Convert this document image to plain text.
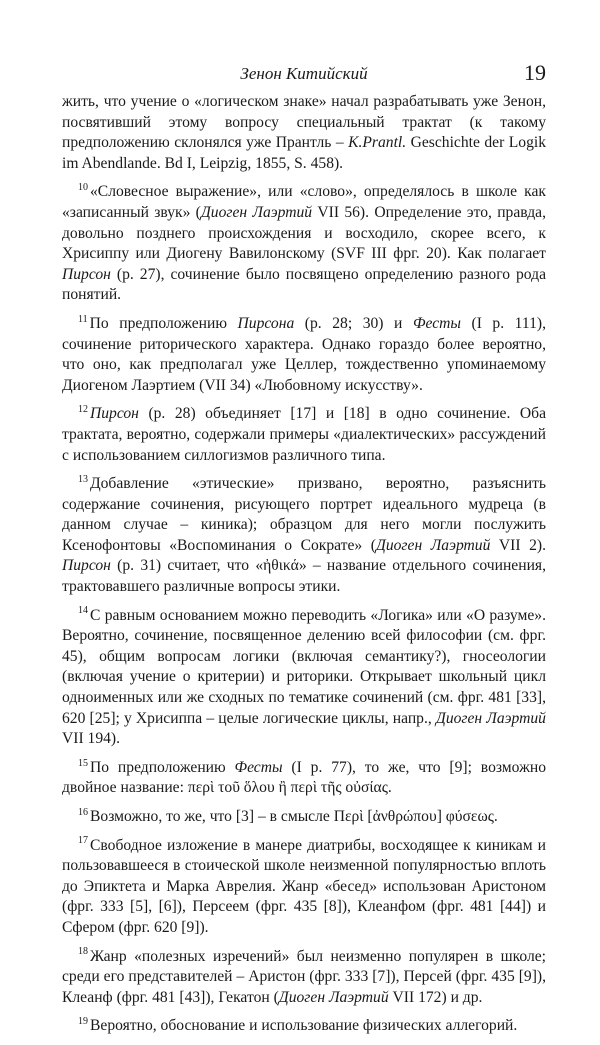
Зенон Китийский	19

жить, что учение о «логическом знаке» начал разрабатывать уже Зенон, посвятивший этому вопросу специальный трактат (к такому предположению склонялся уже Прантль – K.Prantl. Geschichte der Logik im Abendlande. Bd I, Leipzig, 1855, S. 458).

$^{10}$ «Словесное выражение», или «слово», определялось в школе как «записанный звук» (Диоген Лаэртий VII 56). Определение это, правда, довольно позднего происхождения и восходило, скорее всего, к Хрисиппу или Диогену Вавилонскому (SVF III фрг. 20). Как полагает Пирсон (р. 27), сочинение было посвящено определению разного рода понятий.

$^{11}$ По предположению Пирсона (р. 28; 30) и Фесты (I р. 111), сочинение риторического характера. Однако гораздо более вероятно, что оно, как предполагал уже Целлер, тождественно упоминаемому Диогеном Лаэртием (VII 34) «Любовному искусству».

$^{12}$ Пирсон (р. 28) объединяет [17] и [18] в одно сочинение. Оба трактата, вероятно, содержали примеры «диалектических» рассуждений с использованием силлогизмов различного типа.

$^{13}$ Добавление «этические» призвано, вероятно, разъяснить содержание сочинения, рисующего портрет идеального мудреца (в данном случае – киника); образцом для него могли послужить Ксенофонтовы «Воспоминания о Сократе» (Диоген Лаэртий VII 2). Пирсон (р. 31) считает, что «ἠθικά» – название отдельного сочинения, трактовавшего различные вопросы этики.

$^{14}$ С равным основанием можно переводить «Логика» или «О разуме». Вероятно, сочинение, посвященное делению всей философии (см. фрг. 45), общим вопросам логики (включая семантику?), гносеологии (включая учение о критерии) и риторики. Открывает школьный цикл одноименных или же сходных по тематике сочинений (см. фрг. 481 [33], 620 [25]; у Хрисиппа – целые логические циклы, напр., Диоген Лаэртий VII 194).

$^{15}$ По предположению Фесты (I р. 77), то же, что [9]; возможно двойное название: περὶ τοῦ ὅλου ἢ περὶ τῆς οὐσίας.

$^{16}$ Возможно, то же, что [3] – в смысле Περὶ [ἀνθρώπου] φύσεως.

$^{17}$ Свободное изложение в манере диатрибы, восходящее к киникам и пользовавшееся в стоической школе неизменной популярностью вплоть до Эпиктета и Марка Аврелия. Жанр «бесед» использован Аристоном (фрг. 333 [5], [6]), Персеем (фрг. 435 [8]), Клеанфом (фрг. 481 [44]) и Сфером (фрг. 620 [9]).

$^{18}$ Жанр «полезных изречений» был неизменно популярен в школе; среди его представителей – Аристон (фрг. 333 [7]), Персей (фрг. 435 [9]), Клеанф (фрг. 481 [43]), Гекатон (Диоген Лаэртий VII 172) и др.

$^{19}$ Вероятно, обоснование и использование физических аллегорий.
